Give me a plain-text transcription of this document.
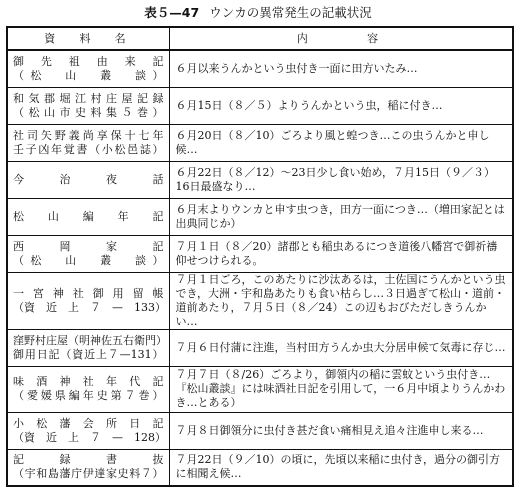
表５—47 ウンカの異常発生の記載状況
資　料　名	内　　　容

御先祖由来記
（松　山　叢　談）	６月以来うんかという虫付き一面に田方いたみ…

和気郡堀江村庄屋記録
（松山市史料集５巻）	６月15日（８／５）よりうんかという虫，稲に付き…

社司矢野義尚享保十七年
壬子凶年覚書（小松邑誌）	６月20日（８／10）ごろより風と蝗つき…この虫うんかと申し候…

今　治　夜　話	６月22日（８／12）〜23日少し食い始め，７月15日（９／３）16日最盛なり…

松　山　編　年　記	６月末よりウンカと申す虫つき，田方一面につき…（増田家記とは出典同じか）

西　岡　家　記
（松　山　叢　談）	７月１日（８／20）諸郡とも稲虫あるにつき道後八幡宮で御祈禱仰せつけられる。

一宮神社御用留帳
（資　近　上　７　—　133）	７月１日ごろ，このあたりに沙汰あるは，土佐国にうんかという虫でき，大洲・宇和島あたりも食い枯らし…３日過ぎて松山・道前・道前あたり，７月５日（８／24）この辺もおびただしきうんかい…

窪野村庄屋（明神佐五右衛門）
御用日記（資近上７—131）	７月６日付蒲に注進，当村田方うんか虫大分居申候て気毒に存じ…

味酒神社年代記
（愛媛県編年史第７巻）	７月７日（８/26）ごろより，御領内の稲に雲蚊という虫付き…『松山叢談』には味酒社日記を引用して，一６月中頃よりうんかわき…とある）

小松藩会所日記
（資　近　上　７　—　128）	７月８日御領分に虫付き甚だ食い痛相見え追々注進申し来る…

記　録　書　抜
（宇和島藩庁伊達家史料７）	７月22日（９／10）の頃に，先頃以来稲に虫付き，過分の御引方に相聞え候…
